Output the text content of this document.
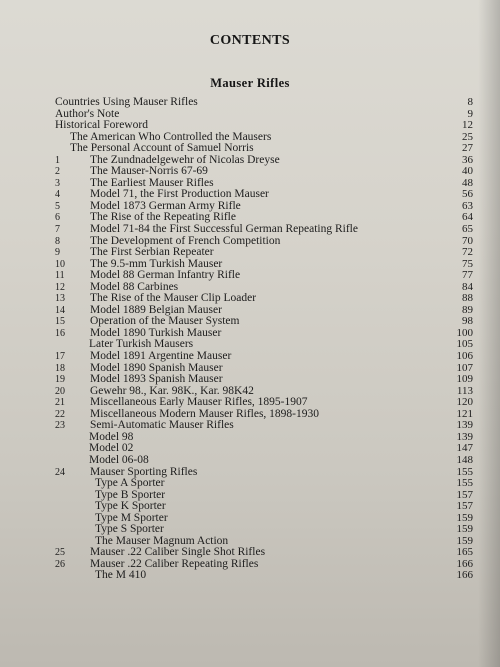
CONTENTS
Mauser Rifles
Countries Using Mauser Rifles	8
Author's Note	9
Historical Foreword	12
The American Who Controlled the Mausers	25
The Personal Account of Samuel Norris	27
1	The Zundnadelgewehr of Nicolas Dreyse	36
2	The Mauser-Norris 67-69	40
3	The Earliest Mauser Rifles	48
4	Model 71, the First Production Mauser	56
5	Model 1873 German Army Rifle	63
6	The Rise of the Repeating Rifle	64
7	Model 71-84 the First Successful German Repeating Rifle	65
8	The Development of French Competition	70
9	The First Serbian Repeater	72
10	The 9.5-mm Turkish Mauser	75
11	Model 88 German Infantry Rifle	77
12	Model 88 Carbines	84
13	The Rise of the Mauser Clip Loader	88
14	Model 1889 Belgian Mauser	89
15	Operation of the Mauser System	98
16	Model 1890 Turkish Mauser	100
Later Turkish Mausers	105
17	Model 1891 Argentine Mauser	106
18	Model 1890 Spanish Mauser	107
19	Model 1893 Spanish Mauser	109
20	Gewehr 98., Kar. 98K., Kar. 98K42	113
21	Miscellaneous Early Mauser Rifles, 1895-1907	120
22	Miscellaneous Modern Mauser Rifles, 1898-1930	121
23	Semi-Automatic Mauser Rifles	139
Model 98	139
Model 02	147
Model 06-08	148
24	Mauser Sporting Rifles	155
Type A Sporter	155
Type B Sporter	157
Type K Sporter	157
Type M Sporter	159
Type S Sporter	159
The Mauser Magnum Action	159
25	Mauser .22 Caliber Single Shot Rifles	165
26	Mauser .22 Caliber Repeating Rifles	166
The M 410	166
